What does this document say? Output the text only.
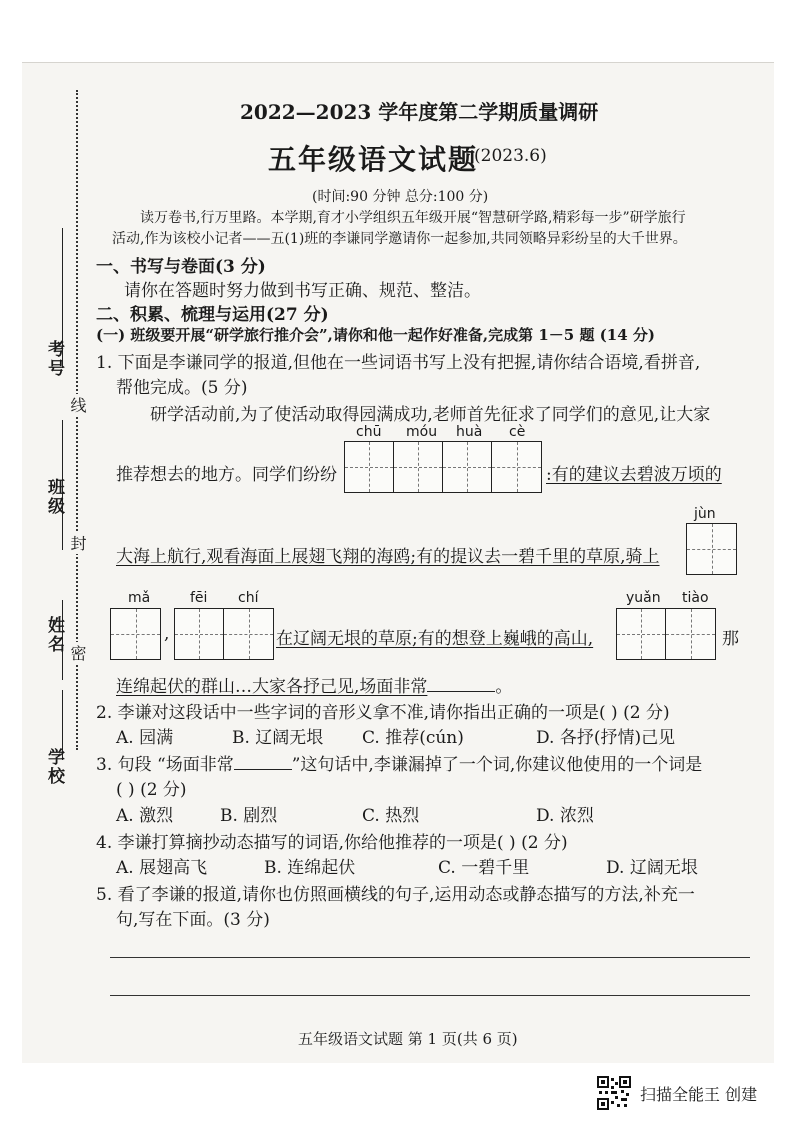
考号
班级
姓名
学校
线
封
密
2022—2023 学年度第二学期质量调研
五年级语文试题
(2023.6)
(时间:90 分钟 总分:100 分)
读万卷书,行万里路。本学期,育才小学组织五年级开展“智慧研学路,精彩每一步”研学旅行
活动,作为该校小记者——五(1)班的李谦同学邀请你一起参加,共同领略异彩纷呈的大千世界。
一、书写与卷面(3 分)
请你在答题时努力做到书写正确、规范、整洁。
二、积累、梳理与运用(27 分)
(一) 班级要开展“研学旅行推介会”,请你和他一起作好准备,完成第 1－5 题 (14 分)
1. 下面是李谦同学的报道,但他在一些词语书写上没有把握,请你结合语境,看拼音,
帮他完成。(5 分)
研学活动前,为了使活动取得园满成功,老师首先征求了同学们的意见,让大家
chū móu huà cè
推荐想去的地方。同学们纷纷	:有的建议去碧波万顷的
jùn
大海上航行,观看海面上展翅飞翔的海鸥;有的提议去一碧千里的草原,骑上
mǎ	fēi chí	yuǎn tiào
,	在辽阔无垠的草原;有的想登上巍峨的高山,	那
连绵起伏的群山…大家各抒己见,场面非常	。
2. 李谦对这段话中一些字词的音形义拿不准,请你指出正确的一项是( ) (2 分)
A. 园满	B. 辽阔无垠 C. 推荐(cún)	D. 各抒(抒情)己见
3. 句段 “场面非常	”这句话中,李谦漏掉了一个词,你建议他使用的一个词是
( ) (2 分)
A. 激烈	B. 剧烈	C. 热烈	D. 浓烈
4. 李谦打算摘抄动态描写的词语,你给他推荐的一项是( ) (2 分)
A. 展翅高飞	B. 连绵起伏	C. 一碧千里	D. 辽阔无垠
5. 看了李谦的报道,请你也仿照画横线的句子,运用动态或静态描写的方法,补充一
句,写在下面。(3 分)
五年级语文试题 第 1 页(共 6 页)
扫描全能王 创建
